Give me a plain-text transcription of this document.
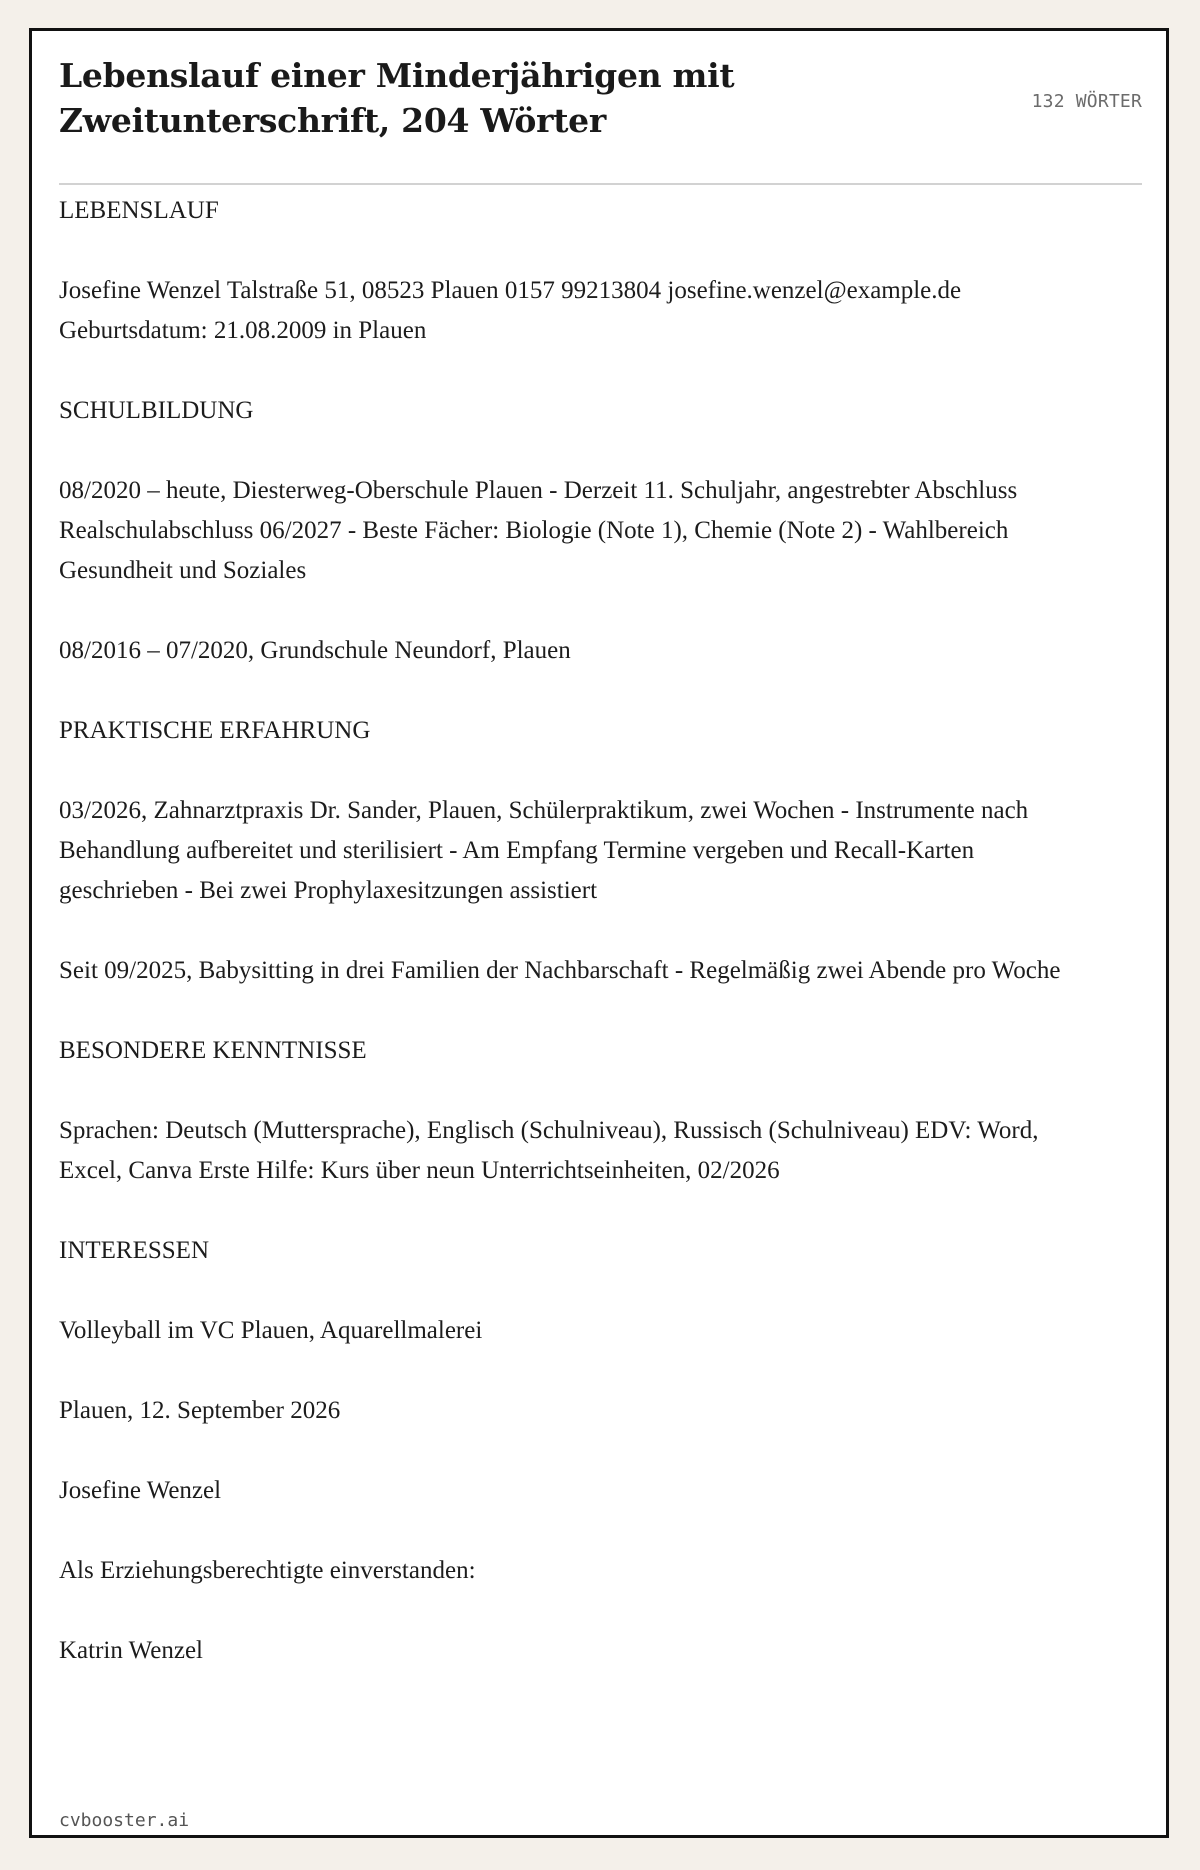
Lebenslauf einer Minderjährigen mit Zweitunterschrift, 204 Wörter	132 WÖRTER

LEBENSLAUF

Josefine Wenzel Talstraße 51, 08523 Plauen 0157 99213804 josefine.wenzel@example.de Geburtsdatum: 21.08.2009 in Plauen

SCHULBILDUNG

08/2020 – heute, Diesterweg-Oberschule Plauen - Derzeit 11. Schuljahr, angestrebter Abschluss Realschulabschluss 06/2027 - Beste Fächer: Biologie (Note 1), Chemie (Note 2) - Wahlbereich Gesundheit und Soziales

08/2016 – 07/2020, Grundschule Neundorf, Plauen

PRAKTISCHE ERFAHRUNG

03/2026, Zahnarztpraxis Dr. Sander, Plauen, Schülerpraktikum, zwei Wochen - Instrumente nach Behandlung aufbereitet und sterilisiert - Am Empfang Termine vergeben und Recall-Karten geschrieben - Bei zwei Prophylaxesitzungen assistiert

Seit 09/2025, Babysitting in drei Familien der Nachbarschaft - Regelmäßig zwei Abende pro Woche

BESONDERE KENNTNISSE

Sprachen: Deutsch (Muttersprache), Englisch (Schulniveau), Russisch (Schulniveau) EDV: Word, Excel, Canva Erste Hilfe: Kurs über neun Unterrichtseinheiten, 02/2026

INTERESSEN

Volleyball im VC Plauen, Aquarellmalerei

Plauen, 12. September 2026

Josefine Wenzel

Als Erziehungsberechtigte einverstanden:

Katrin Wenzel

cvbooster.ai
